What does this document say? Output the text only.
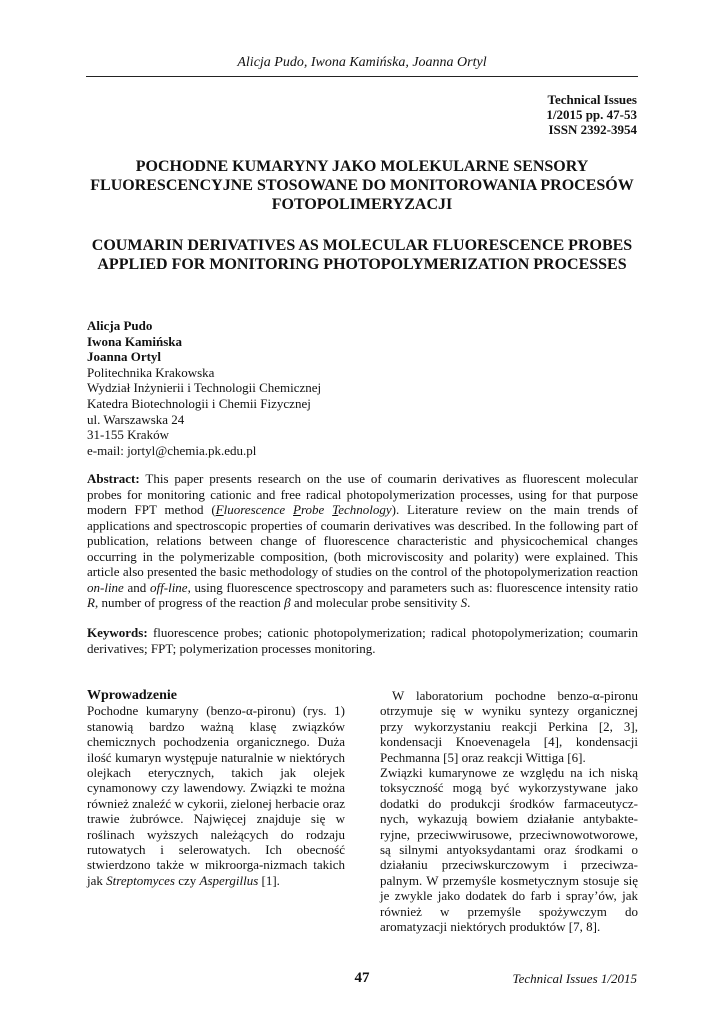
Alicja Pudo, Iwona Kamińska, Joanna Ortyl
Technical Issues
1/2015 pp. 47-53
ISSN 2392-3954
POCHODNE KUMARYNY JAKO MOLEKULARNE SENSORY FLUORESCENCYJNE STOSOWANE DO MONITOROWANIA PROCESÓW FOTOPOLIMERYZACJI
COUMARIN DERIVATIVES AS MOLECULAR FLUORESCENCE PROBES APPLIED FOR MONITORING PHOTOPOLYMERIZATION PROCESSES
Alicja Pudo
Iwona Kamińska
Joanna Ortyl
Politechnika Krakowska
Wydział Inżynierii i Technologii Chemicznej
Katedra Biotechnologii i Chemii Fizycznej
ul. Warszawska 24
31-155 Kraków
e-mail: jortyl@chemia.pk.edu.pl

Abstract: This paper presents research on the use of coumarin derivatives as fluorescent molecular probes for monitoring cationic and free radical photopolymerization processes, using for that purpose modern FPT method (Fluorescence Probe Technology). Literature review on the main trends of applications and spectroscopic properties of coumarin derivatives was described. In the following part of publication, relations between change of fluorescence characteristic and physicochemical changes occurring in the polymerizable composition, (both microviscosity and polarity) were explained. This article also presented the basic methodology of studies on the control of the photopolymerization reaction on-line and off-line, using fluorescence spectroscopy and parameters such as: fluorescence intensity ratio R, number of progress of the reaction β and molecular probe sensitivity S.

Keywords: fluorescence probes; cationic photopolymerization; radical photopolymerization; coumarin derivatives; FPT; polymerization processes monitoring.

Wprowadzenie

Pochodne kumaryny (benzo-α-pironu) (rys. 1) stanowią bardzo ważną klasę związków chemicznych pochodzenia organicznego. Duża ilość kumaryn występuje naturalnie w niektórych olejkach eterycznych, takich jak olejek cynamonowy czy lawendowy. Związki te można również znaleźć w cykorii, zielonej herbacie oraz trawie żubrówce. Najwięcej znajduje się w roślinach wyższych należących do rodzaju rutowatych i selerowatych. Ich obecność stwierdzono także w mikroorga-nizmach takich jak Streptomyces czy Aspergillus [1].

W laboratorium pochodne benzo-α-pironu otrzymuje się w wyniku syntezy organicznej przy wykorzystaniu reakcji Perkina [2, 3], kondensacji Knoevenagela [4], kondensacji Pechmanna [5] oraz reakcji Wittiga [6].

Związki kumarynowe ze względu na ich niską toksyczność mogą być wykorzystywane jako dodatki do produkcji środków farmaceutycz-nych, wykazują bowiem działanie antybakte-ryjne, przeciwwirusowe, przeciwnowotworowe, są silnymi antyoksydantami oraz środkami o działaniu przeciwskurczowym i przeciwza-palnym. W przemyśle kosmetycznym stosuje się je zwykle jako dodatek do farb i spray’ów, jak również w przemyśle spożywczym do aromatyzacji niektórych produktów [7, 8].

47	Technical Issues 1/2015
